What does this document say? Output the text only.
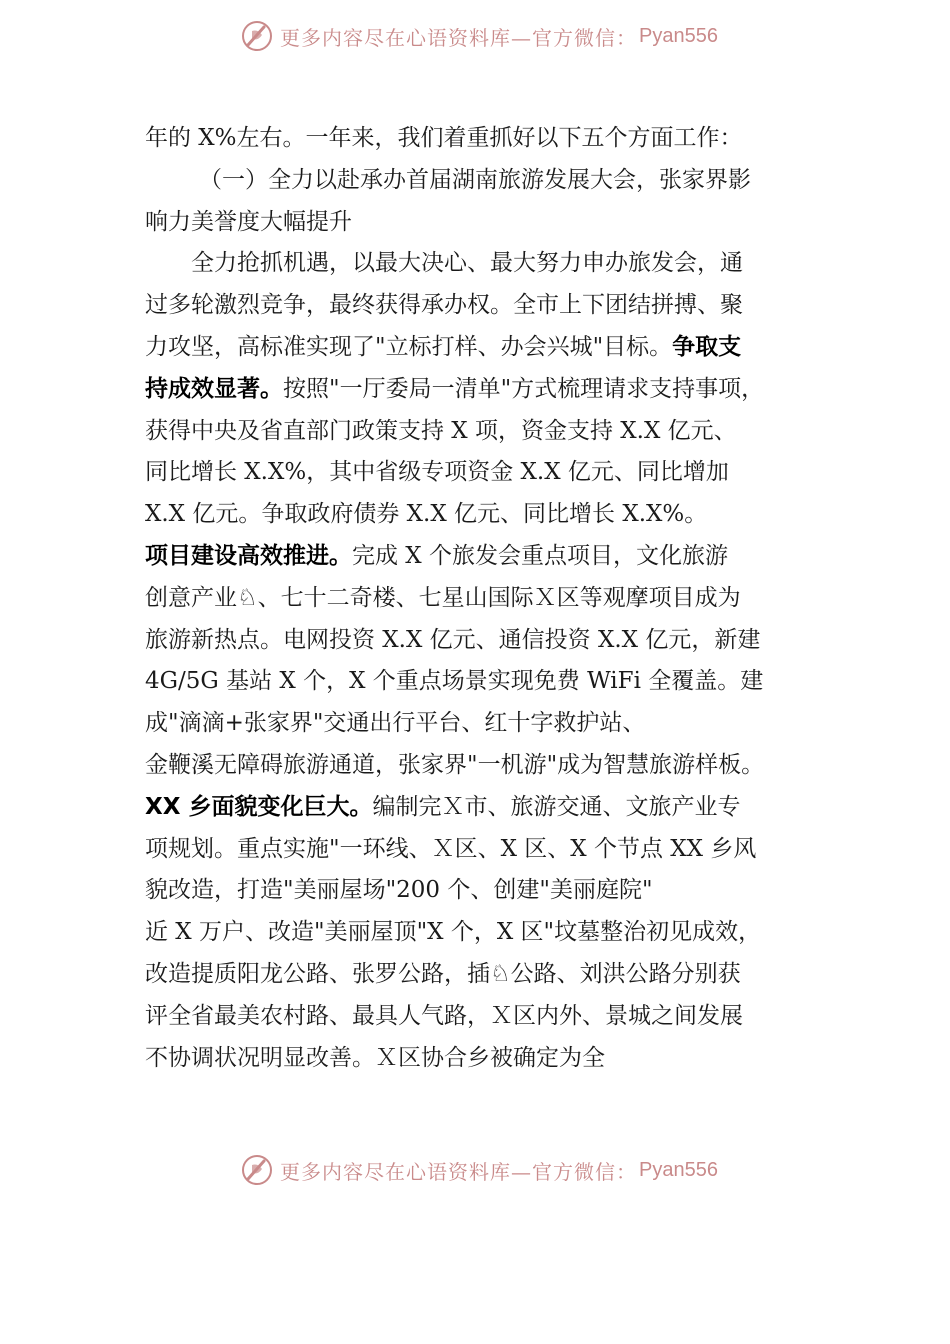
更多内容尽在心语资料库—官方微信： Pyan556
年的 X%左右。一年来，我们着重抓好以下五个方面工作：
（一）全力以赴承办首届湖南旅游发展大会，张家界影
响力美誉度大幅提升
全力抢抓机遇，以最大决心、最大努力申办旅发会，通
过多轮激烈竞争，最终获得承办权。全市上下团结拼搏、聚
力攻坚，高标准实现了"立标打样、办会兴城"目标。争取支
持成效显著。按照"一厅委局一清单"方式梳理请求支持事项，
获得中央及省直部门政策支持 X 项，资金支持 X.X 亿元、
同比增长 X.X%，其中省级专项资金 X.X 亿元、同比增加
X.X 亿元。争取政府债券 X.X 亿元、同比增长 X.X%。
项目建设高效推进。完成 X 个旅发会重点项目，文化旅游
创意产业♘、七十二奇楼、七星山国际Ｘ区等观摩项目成为
旅游新热点。电网投资 X.X 亿元、通信投资 X.X 亿元，新建
4G/5G 基站 X 个，X 个重点场景实现免费 WiFi 全覆盖。建
成"滴滴+张家界"交通出行平台、红十字救护站、
金鞭溪无障碍旅游通道，张家界"一机游"成为智慧旅游样板。
XX 乡面貌变化巨大。编制完Ｘ市、旅游交通、文旅产业专
项规划。重点实施"一环线、Ｘ区、X 区、X 个节点 XX 乡风
貌改造，打造"美丽屋场"200 个、创建"美丽庭院"
近 X 万户、改造"美丽屋顶"X 个，X 区"坟墓整治初见成效，
改造提质阳龙公路、张罗公路，插♘公路、刘洪公路分别获
评全省最美农村路、最具人气路，Ｘ区内外、景城之间发展
不协调状况明显改善。Ｘ区协合乡被确定为全
更多内容尽在心语资料库—官方微信： Pyan556
